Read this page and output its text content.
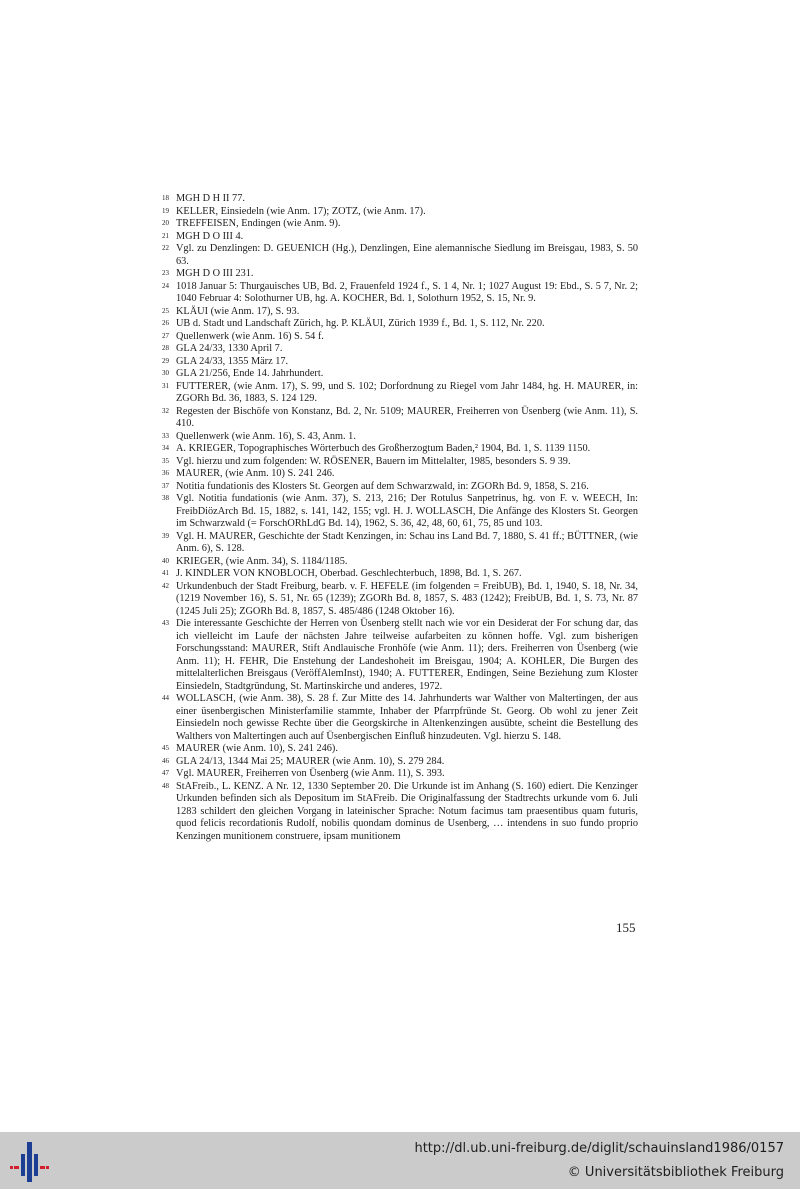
18 MGH D H II 77.
19 KELLER, Einsiedeln (wie Anm. 17); ZOTZ, (wie Anm. 17).
20 TREFFEISEN, Endingen (wie Anm. 9).
21 MGH D O III 4.
22 Vgl. zu Denzlingen: D. GEUENICH (Hg.), Denzlingen, Eine alemannische Siedlung im Breisgau, 1983, S. 50 63.
23 MGH D O III 231.
24 1018 Januar 5: Thurgauisches UB, Bd. 2, Frauenfeld 1924 f., S. 1 4, Nr. 1; 1027 August 19: Ebd., S. 5 7, Nr. 2; 1040 Februar 4: Solothurner UB, hg. A. KOCHER, Bd. 1, Solothurn 1952, S. 15, Nr. 9.
25 KLÄUI (wie Anm. 17), S. 93.
26 UB d. Stadt und Landschaft Zürich, hg. P. KLÄUI, Zürich 1939 f., Bd. 1, S. 112, Nr. 220.
27 Quellenwerk (wie Anm. 16) S. 54 f.
28 GLA 24/33, 1330 April 7.
29 GLA 24/33, 1355 März 17.
30 GLA 21/256, Ende 14. Jahrhundert.
31 FUTTERER, (wie Anm. 17), S. 99, und S. 102; Dorfordnung zu Riegel vom Jahr 1484, hg. H. MAURER, in: ZGORh Bd. 36, 1883, S. 124 129.
32 Regesten der Bischöfe von Konstanz, Bd. 2, Nr. 5109; MAURER, Freiherren von Üsenberg (wie Anm. 11), S. 410.
33 Quellenwerk (wie Anm. 16), S. 43, Anm. 1.
34 A. KRIEGER, Topographisches Wörterbuch des Großherzogtum Baden,² 1904, Bd. 1, S. 1139 1150.
35 Vgl. hierzu und zum folgenden: W. RÖSENER, Bauern im Mittelalter, 1985, besonders S. 9 39.
36 MAURER, (wie Anm. 10) S. 241 246.
37 Notitia fundationis des Klosters St. Georgen auf dem Schwarzwald, in: ZGORh Bd. 9, 1858, S. 216.
38 Vgl. Notitia fundationis (wie Anm. 37), S. 213, 216; Der Rotulus Sanpetrinus, hg. von F. v. WEECH, In: FreibDiözArch Bd. 15, 1882, s. 141, 142, 155; vgl. H. J. WOLLASCH, Die Anfänge des Klosters St. Georgen im Schwarzwald (= ForschORhLdG Bd. 14), 1962, S. 36, 42, 48, 60, 61, 75, 85 und 103.
39 Vgl. H. MAURER, Geschichte der Stadt Kenzingen, in: Schau ins Land Bd. 7, 1880, S. 41 ff.; BÜTTNER, (wie Anm. 6), S. 128.
40 KRIEGER, (wie Anm. 34), S. 1184/1185.
41 J. KINDLER VON KNOBLOCH, Oberbad. Geschlechterbuch, 1898, Bd. 1, S. 267.
42 Urkundenbuch der Stadt Freiburg, bearb. v. F. HEFELE (im folgenden = FreibUB), Bd. 1, 1940, S. 18, Nr. 34, (1219 November 16), S. 51, Nr. 65 (1239); ZGORh Bd. 8, 1857, S. 483 (1242); FreibUB, Bd. 1, S. 73, Nr. 87 (1245 Juli 25); ZGORh Bd. 8, 1857, S. 485/486 (1248 Oktober 16).
43 Die interessante Geschichte der Herren von Üsenberg stellt nach wie vor ein Desiderat der For schung dar, das ich vielleicht im Laufe der nächsten Jahre teilweise aufarbeiten zu können hoffe. Vgl. zum bisherigen Forschungsstand: MAURER, Stift Andlauische Fronhöfe (wie Anm. 11); ders. Freiherren von Üsenberg (wie Anm. 11); H. FEHR, Die Enstehung der Landeshoheit im Breisgau, 1904; A. KOHLER, Die Burgen des mittelalterlichen Breisgaus (VeröffAlemInst), 1940; A. FUTTERER, Endingen, Seine Beziehung zum Kloster Einsiedeln, Stadtgründung, St. Martinskirche und anderes, 1972.
44 WOLLASCH, (wie Anm. 38), S. 28 f. Zur Mitte des 14. Jahrhunderts war Walther von Maltertingen, der aus einer üsenbergischen Ministerfamilie stammte, Inhaber der Pfarrpfründe St. Georg. Ob wohl zu jener Zeit Einsiedeln noch gewisse Rechte über die Georgskirche in Altenkenzingen ausübte, scheint die Bestellung des Walthers von Maltertingen auch auf Üsenbergischen Einfluß hinzudeuten. Vgl. hierzu S. 148.
45 MAURER (wie Anm. 10), S. 241 246).
46 GLA 24/13, 1344 Mai 25; MAURER (wie Anm. 10), S. 279 284.
47 Vgl. MAURER, Freiherren von Üsenberg (wie Anm. 11), S. 393.
48 StAFreib., L. KENZ. A Nr. 12, 1330 September 20. Die Urkunde ist im Anhang (S. 160) ediert. Die Kenzinger Urkunden befinden sich als Depositum im StAFreib. Die Originalfassung der Stadtrechts urkunde vom 6. Juli 1283 schildert den gleichen Vorgang in lateinischer Sprache: Notum facimus tam praesentibus quam futuris, quod felicis recordationis Rudolf, nobilis quondam dominus de Usenberg, … intendens in suo fundo proprio Kenzingen munitionem construere, ipsam munitionem
155
http://dl.ub.uni-freiburg.de/diglit/schauinsland1986/0157
© Universitätsbibliothek Freiburg
